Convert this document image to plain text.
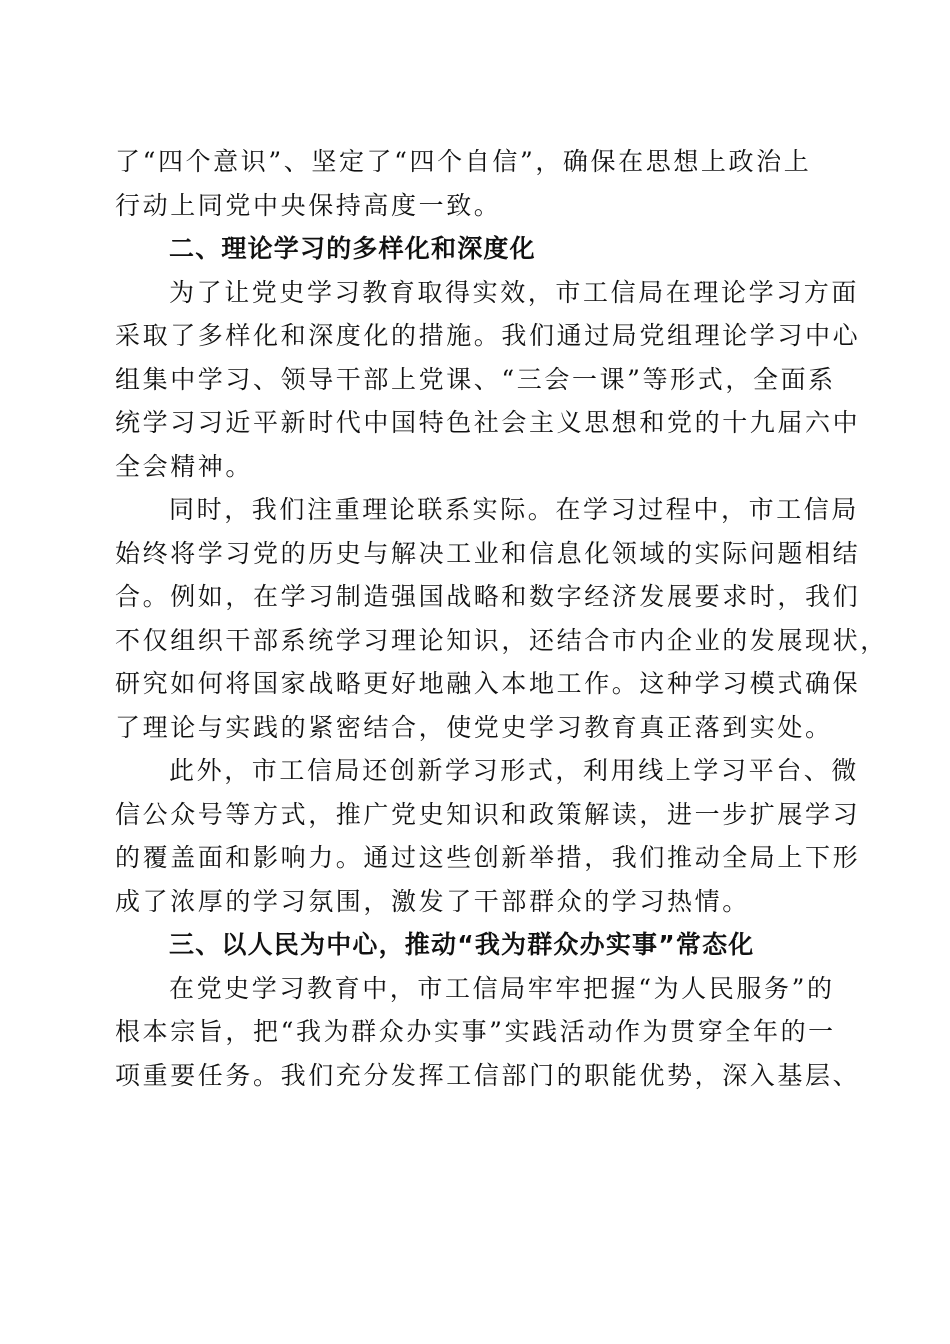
了“四个意识”、坚定了“四个自信”，确保在思想上政治上
行动上同党中央保持高度一致。
二、理论学习的多样化和深度化
为了让党史学习教育取得实效，市工信局在理论学习方面
采取了多样化和深度化的措施。我们通过局党组理论学习中心
组集中学习、领导干部上党课、“三会一课”等形式，全面系
统学习习近平新时代中国特色社会主义思想和党的十九届六中
全会精神。
同时，我们注重理论联系实际。在学习过程中，市工信局
始终将学习党的历史与解决工业和信息化领域的实际问题相结
合。例如，在学习制造强国战略和数字经济发展要求时，我们
不仅组织干部系统学习理论知识，还结合市内企业的发展现状，
研究如何将国家战略更好地融入本地工作。这种学习模式确保
了理论与实践的紧密结合，使党史学习教育真正落到实处。
此外，市工信局还创新学习形式，利用线上学习平台、微
信公众号等方式，推广党史知识和政策解读，进一步扩展学习
的覆盖面和影响力。通过这些创新举措，我们推动全局上下形
成了浓厚的学习氛围，激发了干部群众的学习热情。
三、以人民为中心，推动“我为群众办实事”常态化
在党史学习教育中，市工信局牢牢把握“为人民服务”的
根本宗旨，把“我为群众办实事”实践活动作为贯穿全年的一
项重要任务。我们充分发挥工信部门的职能优势，深入基层、
